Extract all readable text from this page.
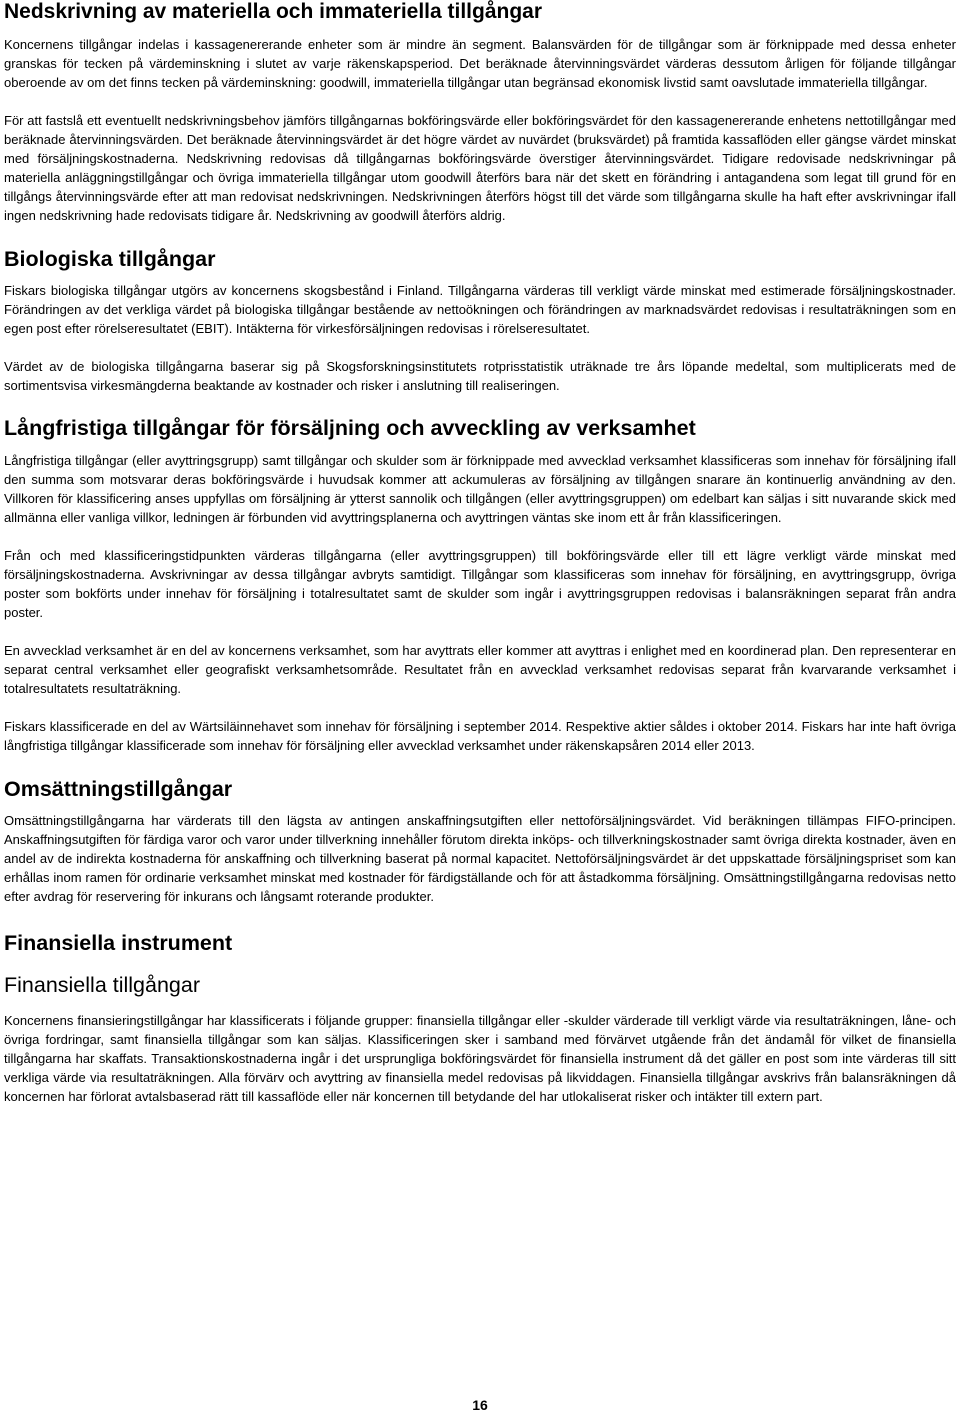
Nedskrivning av materiella och immateriella tillgångar

Koncernens tillgångar indelas i kassagenererande enheter som är mindre än segment. Balansvärden för de tillgångar som är förknippade med dessa enheter granskas för tecken på värdeminskning i slutet av varje räkenskapsperiod. Det beräknade återvinningsvärdet värderas dessutom årligen för följande tillgångar oberoende av om det finns tecken på värdeminskning: goodwill, immateriella tillgångar utan begränsad ekonomisk livstid samt oavslutade immateriella tillgångar.

För att fastslå ett eventuellt nedskrivningsbehov jämförs tillgångarnas bokföringsvärde eller bokföringsvärdet för den kassagenererande enhetens nettotillgångar med beräknade återvinningsvärden. Det beräknade återvinningsvärdet är det högre värdet av nuvärdet (bruksvärdet) på framtida kassaflöden eller gängse värdet minskat med försäljningskostnaderna. Nedskrivning redovisas då tillgångarnas bokföringsvärde överstiger återvinningsvärdet. Tidigare redovisade nedskrivningar på materiella anläggningstillgångar och övriga immateriella tillgångar utom goodwill återförs bara när det skett en förändring i antagandena som legat till grund för en tillgångs återvinningsvärde efter att man redovisat nedskrivningen. Nedskrivningen återförs högst till det värde som tillgångarna skulle ha haft efter avskrivningar ifall ingen nedskrivning hade redovisats tidigare år. Nedskrivning av goodwill återförs aldrig.

Biologiska tillgångar

Fiskars biologiska tillgångar utgörs av koncernens skogsbestånd i Finland. Tillgångarna värderas till verkligt värde minskat med estimerade försäljningskostnader. Förändringen av det verkliga värdet på biologiska tillgångar bestående av nettoökningen och förändringen av marknadsvärdet redovisas i resultaträkningen som en egen post efter rörelseresultatet (EBIT). Intäkterna för virkesförsäljningen redovisas i rörelseresultatet.

Värdet av de biologiska tillgångarna baserar sig på Skogsforskningsinstitutets rotprisstatistik uträknade tre års löpande medeltal, som multiplicerats med de sortimentsvisa virkesmängderna beaktande av kostnader och risker i anslutning till realiseringen.

Långfristiga tillgångar för försäljning och avveckling av verksamhet

Långfristiga tillgångar (eller avyttringsgrupp) samt tillgångar och skulder som är förknippade med avvecklad verksamhet klassificeras som innehav för försäljning ifall den summa som motsvarar deras bokföringsvärde i huvudsak kommer att ackumuleras av försäljning av tillgången snarare än kontinuerlig användning av den. Villkoren för klassificering anses uppfyllas om försäljning är ytterst sannolik och tillgången (eller avyttringsgruppen) om edelbart kan säljas i sitt nuvarande skick med allmänna eller vanliga villkor, ledningen är förbunden vid avyttringsplanerna och avyttringen väntas ske inom ett år från klassificeringen.

Från och med klassificeringstidpunkten värderas tillgångarna (eller avyttringsgruppen) till bokföringsvärde eller till ett lägre verkligt värde minskat med försäljningskostnaderna. Avskrivningar av dessa tillgångar avbryts samtidigt. Tillgångar som klassificeras som innehav för försäljning, en avyttringsgrupp, övriga poster som bokförts under innehav för försäljning i totalresultatet samt de skulder som ingår i avyttringsgruppen redovisas i balansräkningen separat från andra poster.

En avvecklad verksamhet är en del av koncernens verksamhet, som har avyttrats eller kommer att avyttras i enlighet med en koordinerad plan. Den representerar en separat central verksamhet eller geografiskt verksamhetsområde. Resultatet från en avvecklad verksamhet redovisas separat från kvarvarande verksamhet i totalresultatets resultaträkning.

Fiskars klassificerade en del av Wärtsiläinnehavet som innehav för försäljning i september 2014. Respektive aktier såldes i oktober 2014. Fiskars har inte haft övriga långfristiga tillgångar klassificerade som innehav för försäljning eller avvecklad verksamhet under räkenskapsåren 2014 eller 2013.

Omsättningstillgångar

Omsättningstillgångarna har värderats till den lägsta av antingen anskaffningsutgiften eller nettoförsäljningsvärdet. Vid beräkningen tillämpas FIFO-principen. Anskaffningsutgiften för färdiga varor och varor under tillverkning innehåller förutom direkta inköps- och tillverkningskostnader samt övriga direkta kostnader, även en andel av de indirekta kostnaderna för anskaffning och tillverkning baserat på normal kapacitet. Nettoförsäljningsvärdet är det uppskattade försäljningspriset som kan erhållas inom ramen för ordinarie verksamhet minskat med kostnader för färdigställande och för att åstadkomma försäljning. Omsättningstillgångarna redovisas netto efter avdrag för reservering för inkurans och långsamt roterande produkter.

Finansiella instrument
Finansiella tillgångar

Koncernens finansieringstillgångar har klassificerats i följande grupper: finansiella tillgångar eller -skulder värderade till verkligt värde via resultaträkningen, låne- och övriga fordringar, samt finansiella tillgångar som kan säljas. Klassificeringen sker i samband med förvärvet utgående från det ändamål för vilket de finansiella tillgångarna har skaffats. Transaktionskostnaderna ingår i det ursprungliga bokföringsvärdet för finansiella instrument då det gäller en post som inte värderas till sitt verkliga värde via resultaträkningen. Alla förvärv och avyttring av finansiella medel redovisas på likviddagen. Finansiella tillgångar avskrivs från balansräkningen då koncernen har förlorat avtalsbaserad rätt till kassaflöde eller när koncernen till betydande del har utlokaliserat risker och intäkter till extern part.

16
